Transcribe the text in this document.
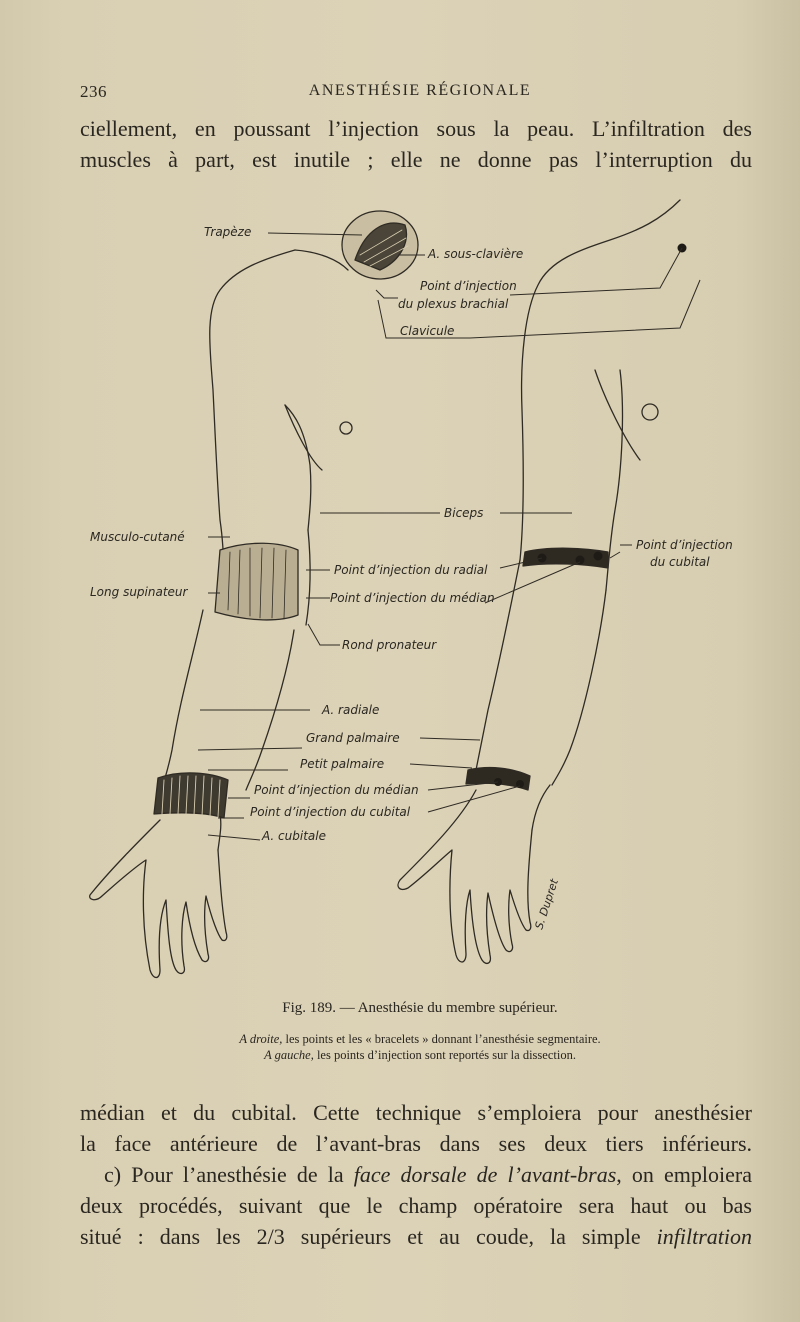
236	ANESTHÉSIE RÉGIONALE
ciellement, en poussant l’injection sous la peau. L’infiltration des
muscles à part, est inutile ; elle ne donne pas l’interruption du
Trapèze
A. sous-clavière
Point d’injection
du plexus brachial
Clavicule
Biceps
Musculo-cutané
Point d’injection du radial
Long supinateur	Point d’injection du médian
Rond pronateur
Point d’injection
du cubital
A. radiale
Grand palmaire
Petit palmaire
Point d’injection du médian
Point d’injection du cubital
A. cubitale
S. Dupret
Fig. 189. — Anesthésie du membre supérieur.
A droite, les points et les « bracelets » donnant l’anesthésie segmentaire.
A gauche, les points d’injection sont reportés sur la dissection.

médian et du cubital. Cette technique s’emploiera pour anesthésier

la face antérieure de l’avant-bras dans ses deux tiers inférieurs.

c) Pour l’anesthésie de la face dorsale de l’avant-bras, on emploiera

deux procédés, suivant que le champ opératoire sera haut ou bas

situé : dans les 2/3 supérieurs et au coude, la simple infiltration
